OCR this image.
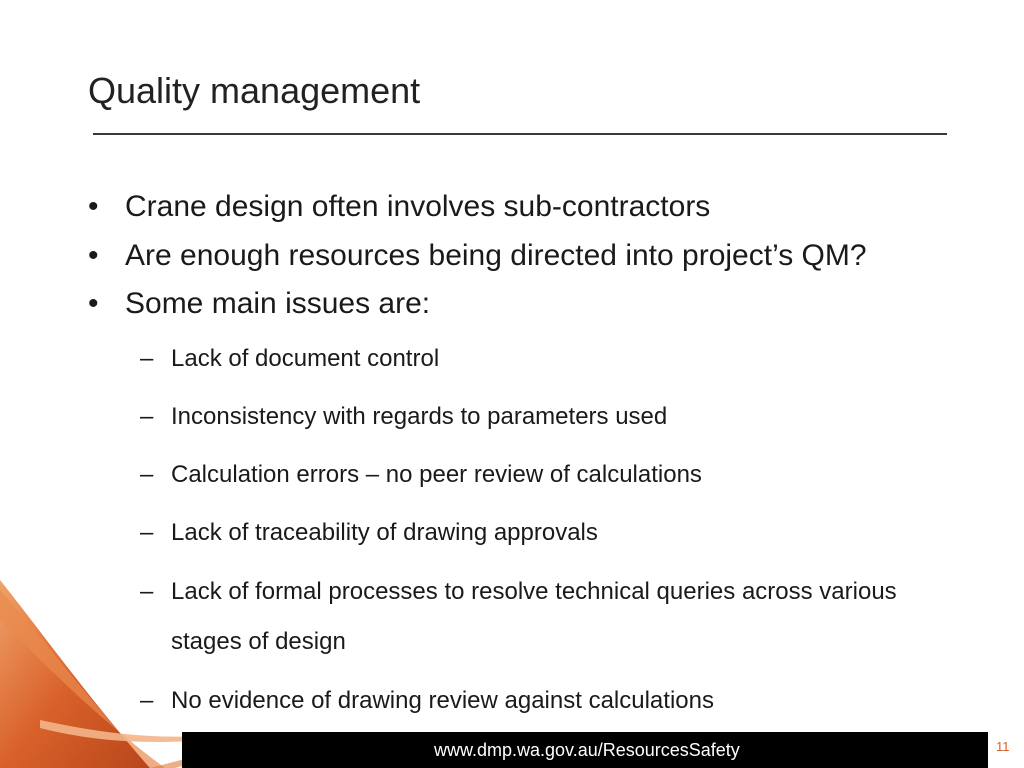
Quality management
• Crane design often involves sub-contractors
• Are enough resources being directed into project’s QM?
• Some main issues are:
– Lack of document control
– Inconsistency with regards to parameters used
– Calculation errors – no peer review of calculations
– Lack of traceability of drawing approvals
– Lack of formal processes to resolve technical queries across various stages of design
– No evidence of drawing review against calculations
www.dmp.wa.gov.au/ResourcesSafety	11
